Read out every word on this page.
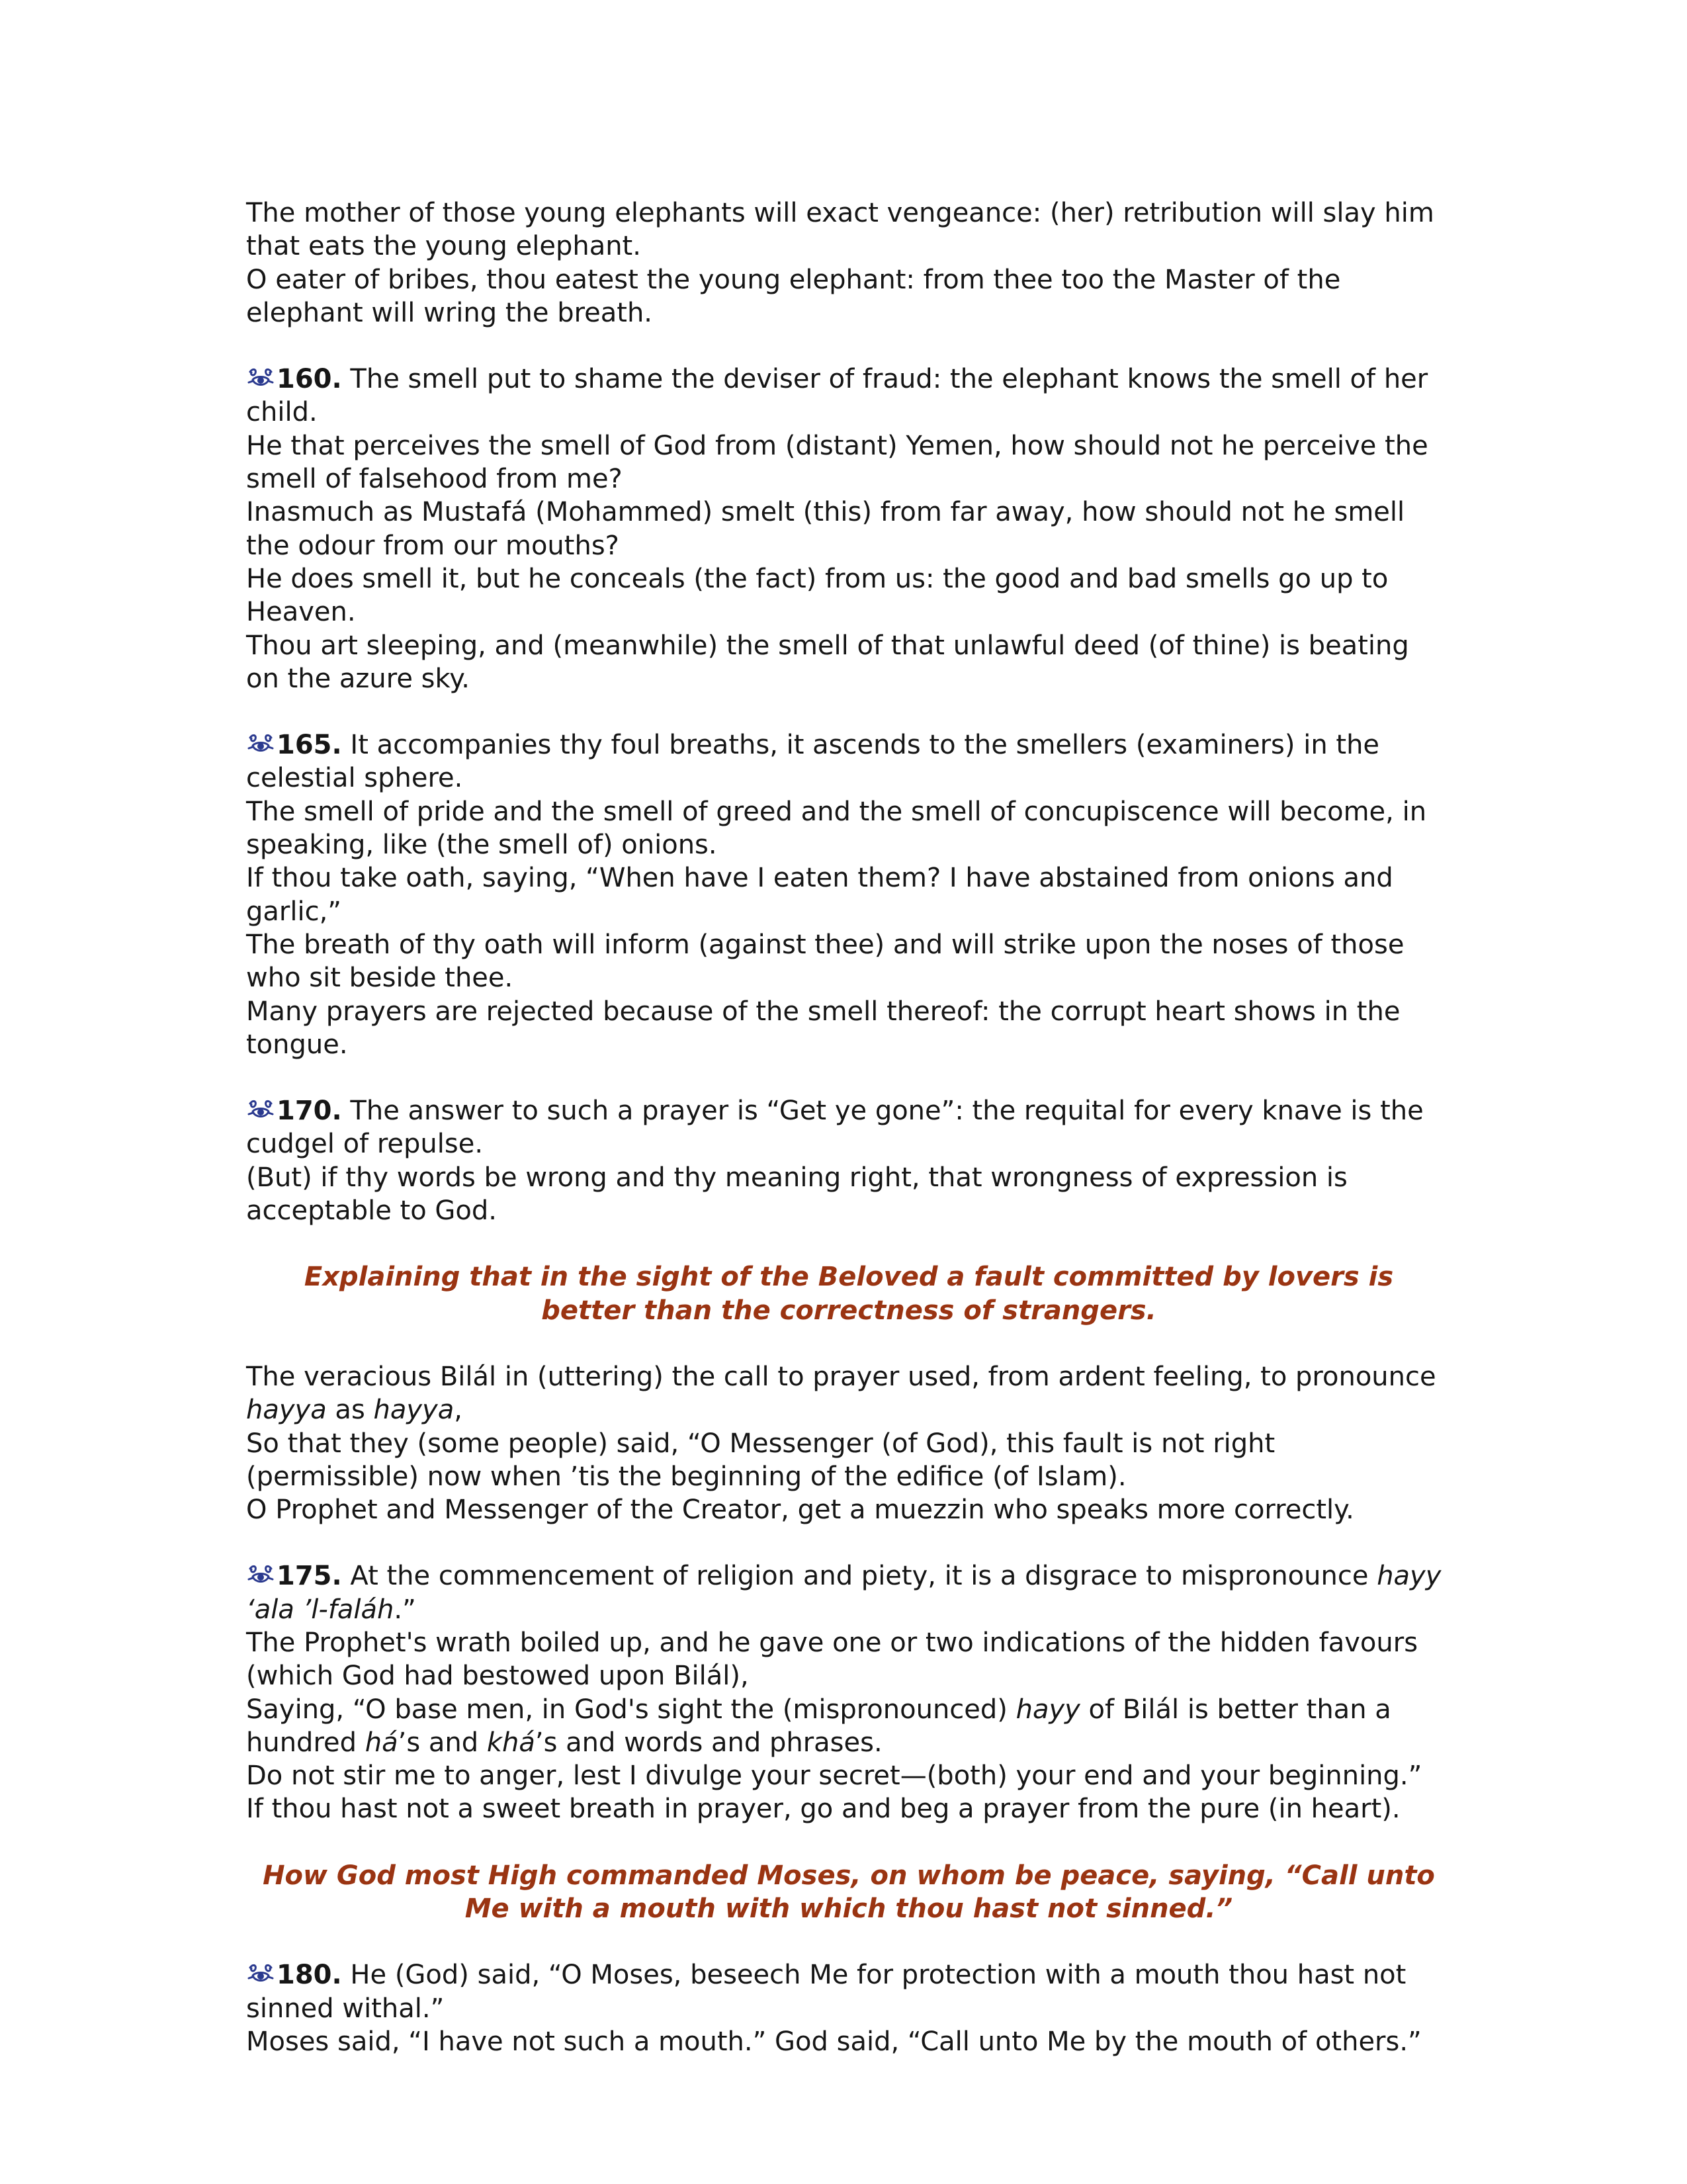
The mother of those young elephants will exact vengeance: (her) retribution will slay him that eats the young elephant.
O eater of bribes, thou eatest the young elephant: from thee too the Master of the elephant will wring the breath.
160. The smell put to shame the deviser of fraud: the elephant knows the smell of her child.
He that perceives the smell of God from (distant) Yemen, how should not he perceive the smell of falsehood from me?
Inasmuch as Mustafá (Mohammed) smelt (this) from far away, how should not he smell the odour from our mouths?
He does smell it, but he conceals (the fact) from us: the good and bad smells go up to Heaven.
Thou art sleeping, and (meanwhile) the smell of that unlawful deed (of thine) is beating on the azure sky.
165. It accompanies thy foul breaths, it ascends to the smellers (examiners) in the celestial sphere.
The smell of pride and the smell of greed and the smell of concupiscence will become, in speaking, like (the smell of) onions.
If thou take oath, saying, “When have I eaten them? I have abstained from onions and garlic,”
The breath of thy oath will inform (against thee) and will strike upon the noses of those who sit beside thee.
Many prayers are rejected because of the smell thereof: the corrupt heart shows in the tongue.
170. The answer to such a prayer is “Get ye gone”: the requital for every knave is the cudgel of repulse.
(But) if thy words be wrong and thy meaning right, that wrongness of expression is acceptable to God.
Explaining that in the sight of the Beloved a fault committed by lovers is better than the correctness of strangers.
The veracious Bilál in (uttering) the call to prayer used, from ardent feeling, to pronounce hayya as hayya,
So that they (some people) said, “O Messenger (of God), this fault is not right (permissible) now when ’tis the beginning of the edifice (of Islam).
O Prophet and Messenger of the Creator, get a muezzin who speaks more correctly.
175. At the commencement of religion and piety, it is a disgrace to mispronounce hayy ‘ala ’l-faláh.”
The Prophet's wrath boiled up, and he gave one or two indications of the hidden favours (which God had bestowed upon Bilál),
Saying, “O base men, in God's sight the (mispronounced) hayy of Bilál is better than a hundred há’s and khá’s and words and phrases.
Do not stir me to anger, lest I divulge your secret—(both) your end and your beginning.”
If thou hast not a sweet breath in prayer, go and beg a prayer from the pure (in heart).
How God most High commanded Moses, on whom be peace, saying, “Call unto Me with a mouth with which thou hast not sinned.”
180. He (God) said, “O Moses, beseech Me for protection with a mouth thou hast not sinned withal.”
Moses said, “I have not such a mouth.” God said, “Call unto Me by the mouth of others.”
